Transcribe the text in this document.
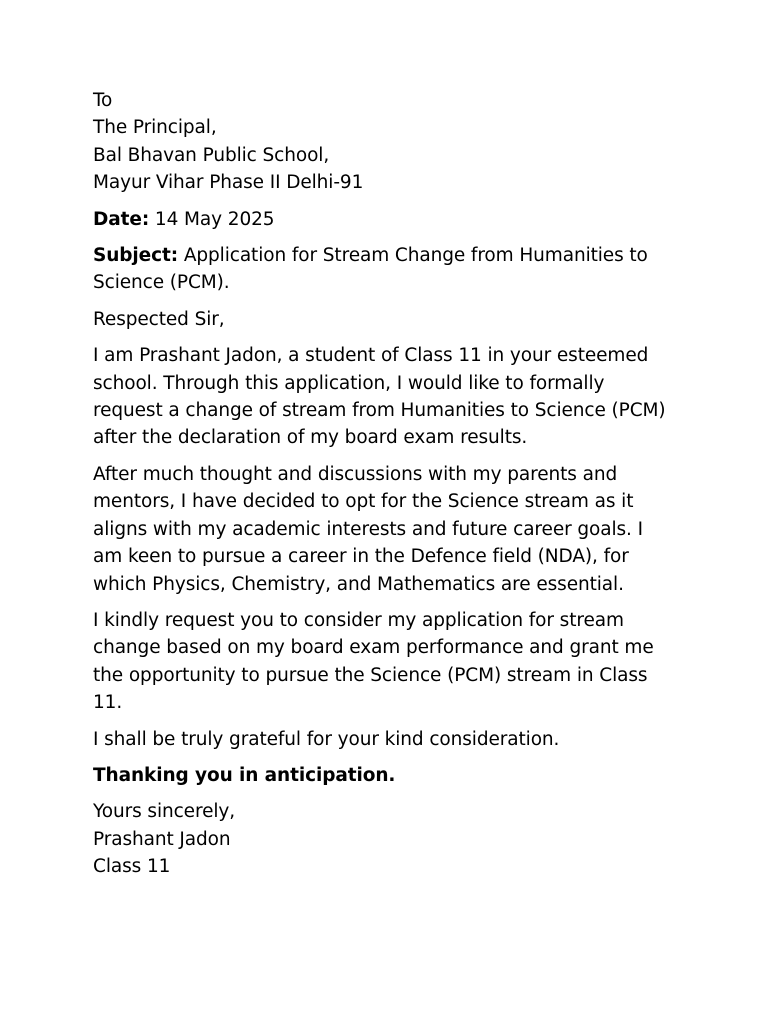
To
The Principal,
Bal Bhavan Public School,
Mayur Vihar Phase II Delhi-91

Date: 14 May 2025

Subject: Application for Stream Change from Humanities to Science (PCM).

Respected Sir,

I am Prashant Jadon, a student of Class 11 in your esteemed school. Through this application, I would like to formally request a change of stream from Humanities to Science (PCM) after the declaration of my board exam results.

After much thought and discussions with my parents and mentors, I have decided to opt for the Science stream as it aligns with my academic interests and future career goals. I am keen to pursue a career in the Defence field (NDA), for which Physics, Chemistry, and Mathematics are essential.

I kindly request you to consider my application for stream change based on my board exam performance and grant me the opportunity to pursue the Science (PCM) stream in Class 11.

I shall be truly grateful for your kind consideration.

Thanking you in anticipation.

Yours sincerely,
Prashant Jadon
Class 11
